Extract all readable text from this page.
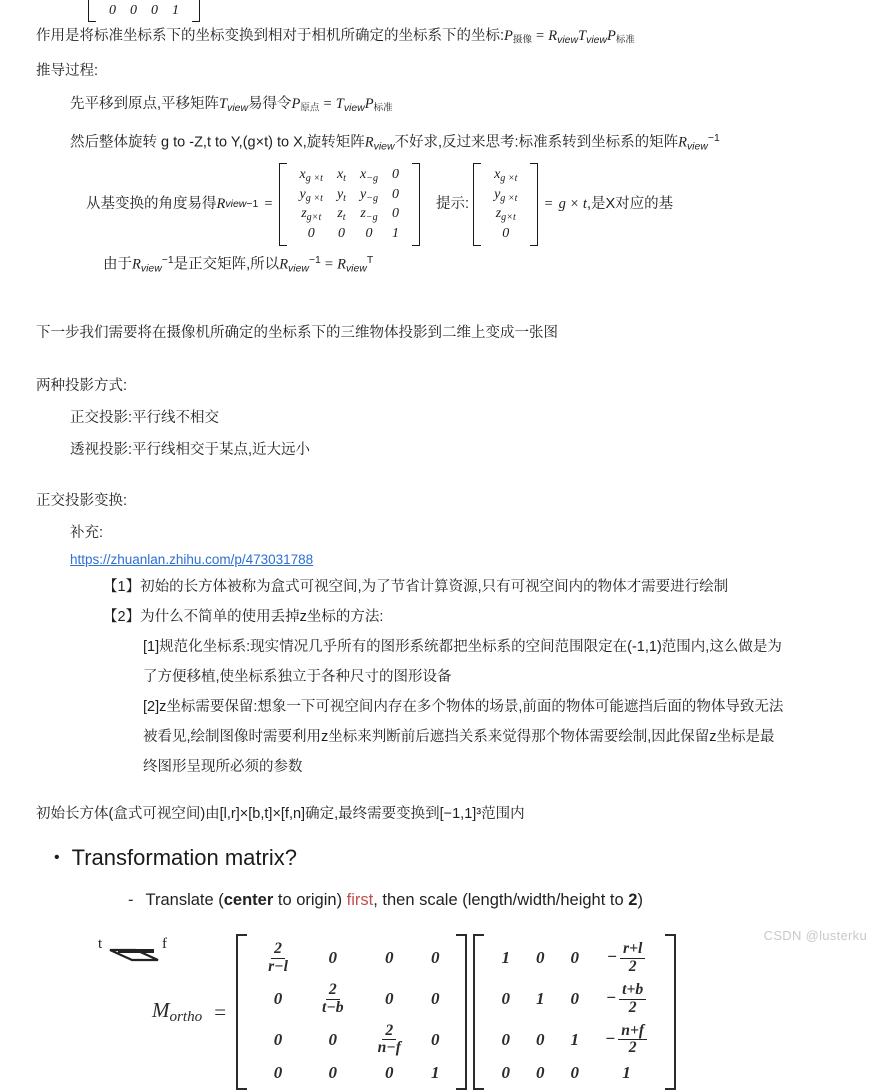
0	0	0	1
作用是将标准坐标系下的坐标变换到相对于相机所确定的坐标系下的坐标:P摄像 = $R_{view}T_{view}P$标准
推导过程:
先平移到原点,平移矩阵$T_{view}$易得令P原点 = $T_{view}P$标准
然后整体旋转 g to -Z,t to Y,(g×t) to X,旋转矩阵$R_{view}$不好求,反过来思考:标准系转到坐标系的矩阵$R_{view}^{-1}$
从基变换的角度易得 R view −1 =
$x_{g \times t}$	$x_t$	$x_{-g}$	0
$y_{g \times t}$	$y_t$	$y_{-g}$	0
$z_{g\times t}$	$z_t$	$z_{-g}$	0
0	0	0	1
提示:
$x_{g \times t}$
$y_{g \times t}$
$z_{g\times t}$
0
= g × t ,是X对应的基
由于$R_{view}^{-1}$是正交矩阵,所以$R_{view}^{-1} = R_{view}^T$
下一步我们需要将在摄像机所确定的坐标系下的三维物体投影到二维上变成一张图
两种投影方式:
正交投影:平行线不相交
透视投影:平行线相交于某点,近大远小
正交投影变换:
补充:
https://zhuanlan.zhihu.com/p/473031788
【1】初始的长方体被称为盒式可视空间,为了节省计算资源,只有可视空间内的物体才需要进行绘制
【2】为什么不简单的使用丢掉z坐标的方法:
[1]规范化坐标系:现实情况几乎所有的图形系统都把坐标系的空间范围限定在(-1,1)范围内,这么做是为
了方便移植,使坐标系独立于各种尺寸的图形设备
[2]z坐标需要保留:想象一下可视空间内存在多个物体的场景,前面的物体可能遮挡后面的物体导致无法
被看见,绘制图像时需要利用z坐标来判断前后遮挡关系来觉得那个物体需要绘制,因此保留z坐标是最
终图形呈现所必须的参数
初始长方体(盒式可视空间)由[l,r]×[b,t]×[f,n]确定,最终需要变换到[−1,1]³范围内
• Transformation matrix?
- Translate (center to origin) first, then scale (length/width/height to 2)
$M_{ortho}$ =
$\frac{2}{r-l}$	0	0	0
0	$\frac{2}{t-b}$	0	0
0	0	$\frac{2}{n-f}$	0
0	0	0	1
1	0	0	− $\frac{r+l}{2}$
0	1	0	− $\frac{t+b}{2}$
0	0	1	− $\frac{n+f}{2}$
0	0	0	1
t	f
CSDN @lusterku
